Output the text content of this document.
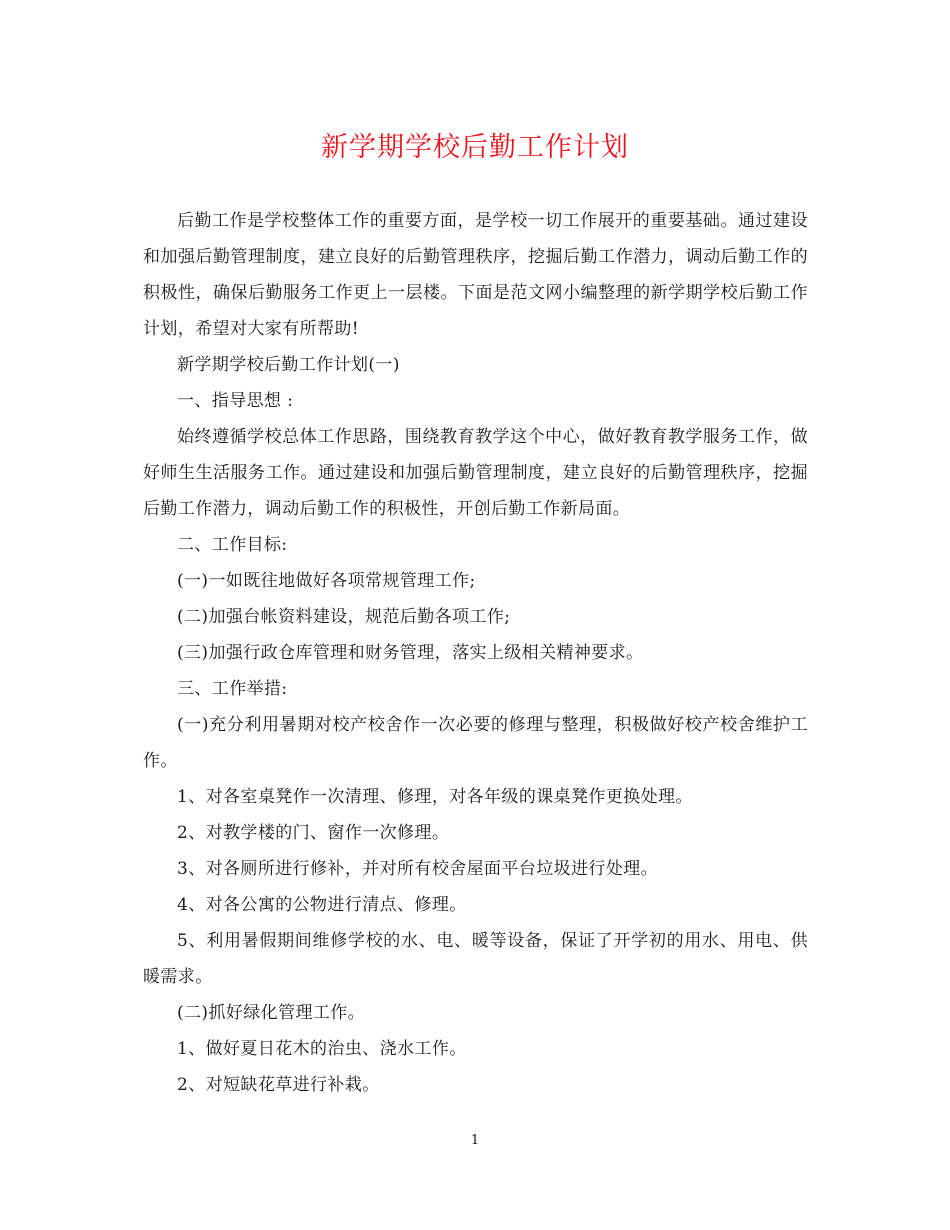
新学期学校后勤工作计划

后勤工作是学校整体工作的重要方面，是学校一切工作展开的重要基础。通过建设和加强后勤管理制度，建立良好的后勤管理秩序，挖掘后勤工作潜力，调动后勤工作的积极性，确保后勤服务工作更上一层楼。下面是范文网小编整理的新学期学校后勤工作计划，希望对大家有所帮助!

新学期学校后勤工作计划(一)

一、指导思想 :

始终遵循学校总体工作思路，围绕教育教学这个中心，做好教育教学服务工作，做好师生生活服务工作。通过建设和加强后勤管理制度，建立良好的后勤管理秩序，挖掘后勤工作潜力，调动后勤工作的积极性，开创后勤工作新局面。

二、工作目标:

(一)一如既往地做好各项常规管理工作;

(二)加强台帐资料建设，规范后勤各项工作;

(三)加强行政仓库管理和财务管理，落实上级相关精神要求。

三、工作举措:

(一)充分利用暑期对校产校舍作一次必要的修理与整理，积极做好校产校舍维护工作。

1、对各室桌凳作一次清理、修理，对各年级的课桌凳作更换处理。

2、对教学楼的门、窗作一次修理。

3、对各厕所进行修补，并对所有校舍屋面平台垃圾进行处理。

4、对各公寓的公物进行清点、修理。

5、利用暑假期间维修学校的水、电、暖等设备，保证了开学初的用水、用电、供暖需求。

(二)抓好绿化管理工作。

1、做好夏日花木的治虫、浇水工作。

2、对短缺花草进行补栽。

1
